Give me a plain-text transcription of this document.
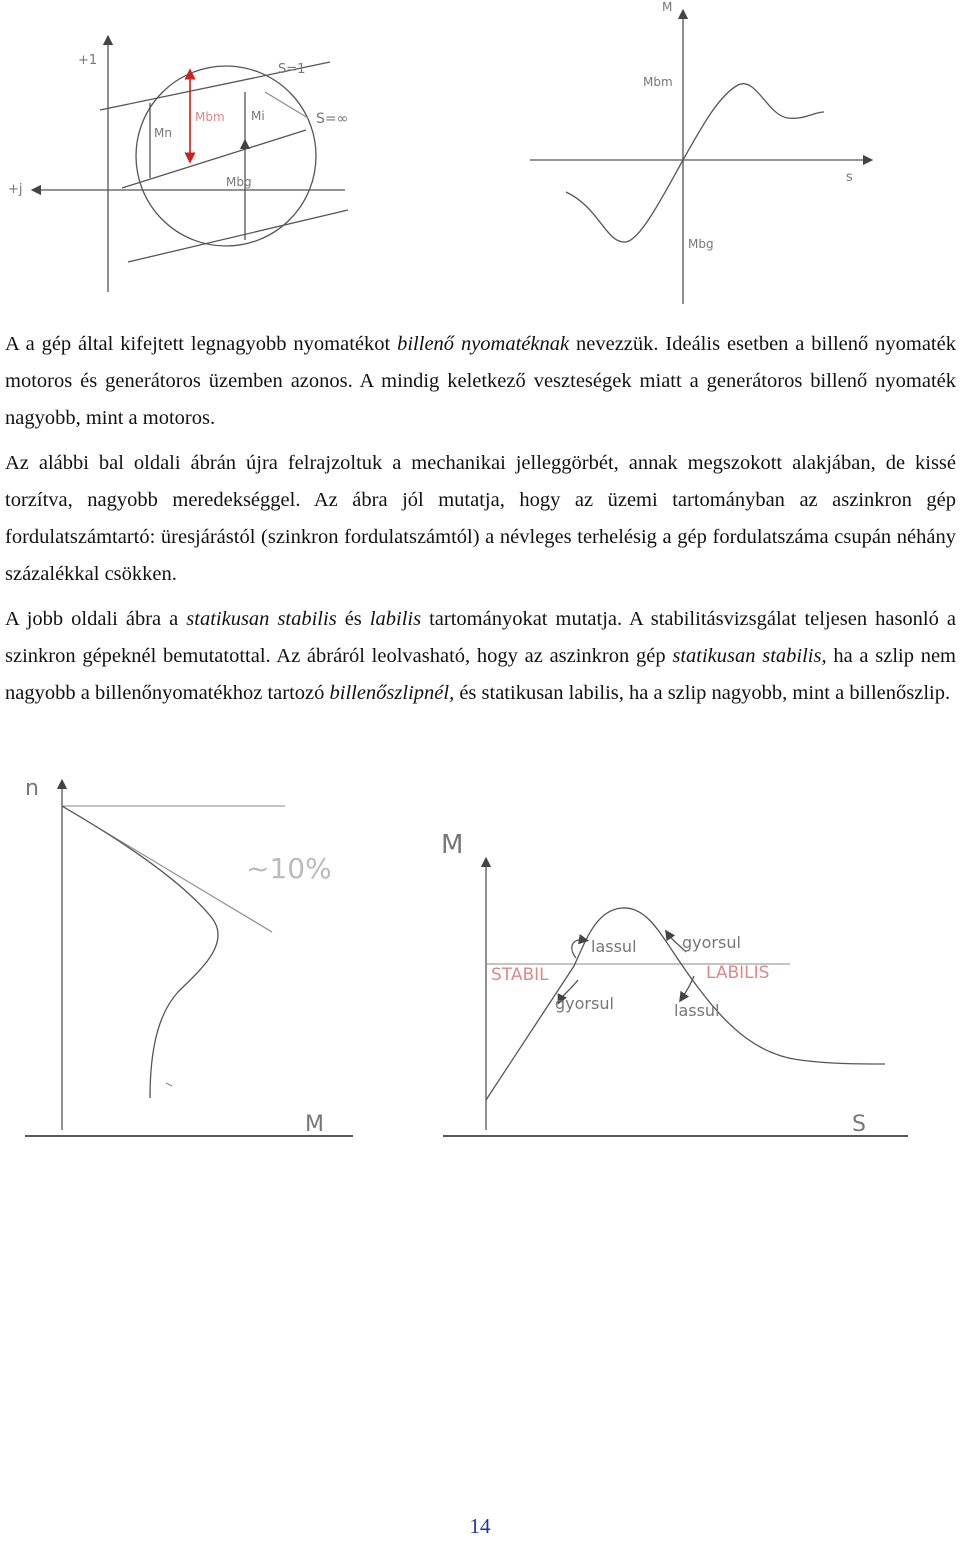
+1
+j
S=1
S=∞
Mn
Mbm Mi
Mbg
M
s
Mbm
Mbg

A a gép által kifejtett legnagyobb nyomatékot billenő nyomatéknak nevezzük. Ideális esetben a billenő nyomaték motoros és generátoros üzemben azonos. A mindig keletkező veszteségek miatt a generátoros billenő nyomaték nagyobb, mint a motoros.

Az alábbi bal oldali ábrán újra felrajzoltuk a mechanikai jelleggörbét, annak megszokott alakjában, de kissé torzítva, nagyobb meredekséggel. Az ábra jól mutatja, hogy az üzemi tartományban az aszinkron gép fordulatszámtartó: üresjárástól (szinkron fordulatszámtól) a névleges terhelésig a gép fordulatszáma csupán néhány százalékkal csökken.

A jobb oldali ábra a statikusan stabilis és labilis tartományokat mutatja. A stabilitásvizsgálat teljesen hasonló a szinkron gépeknél bemutatottal. Az ábráról leolvasható, hogy az aszinkron gép statikusan stabilis, ha a szlip nem nagyobb a billenőnyomatékhoz tartozó billenőszlipnél, és statikusan labilis, ha a szlip nagyobb, mint a billenőszlip.

n
M
~10%
M
S
STABIL	LABILIS
lassul
gyorsul
gyorsul
lassul
14
